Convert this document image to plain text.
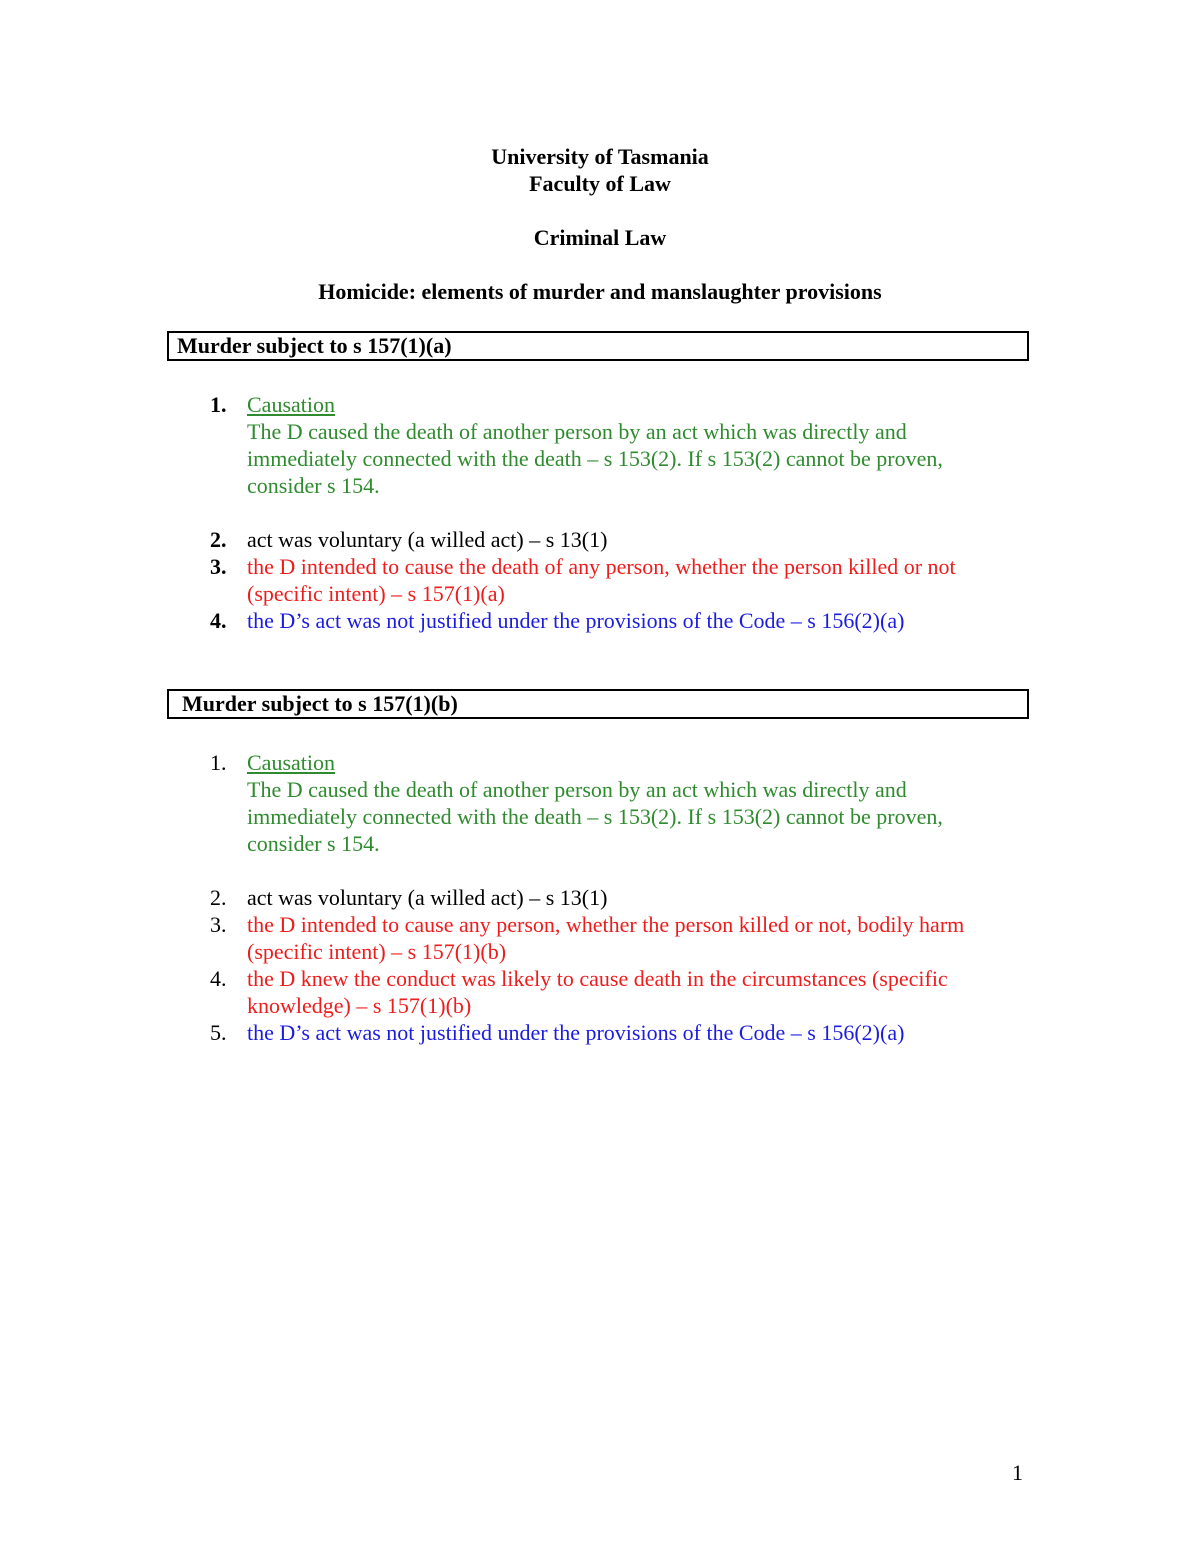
University of Tasmania
Faculty of Law
Criminal Law
Homicide: elements of murder and manslaughter provisions
Murder subject to s 157(1)(a)
1. Causation
The D caused the death of another person by an act which was directly and
immediately connected with the death – s 153(2). If s 153(2) cannot be proven,
consider s 154.
2. act was voluntary (a willed act) – s 13(1)
3. the D intended to cause the death of any person, whether the person killed or not
(specific intent) – s 157(1)(a)
4. the D’s act was not justified under the provisions of the Code – s 156(2)(a)
Murder subject to s 157(1)(b)
1. Causation
The D caused the death of another person by an act which was directly and
immediately connected with the death – s 153(2). If s 153(2) cannot be proven,
consider s 154.
2. act was voluntary (a willed act) – s 13(1)
3. the D intended to cause any person, whether the person killed or not, bodily harm
(specific intent) – s 157(1)(b)
4. the D knew the conduct was likely to cause death in the circumstances (specific
knowledge) – s 157(1)(b)
5. the D’s act was not justified under the provisions of the Code – s 156(2)(a)
1
